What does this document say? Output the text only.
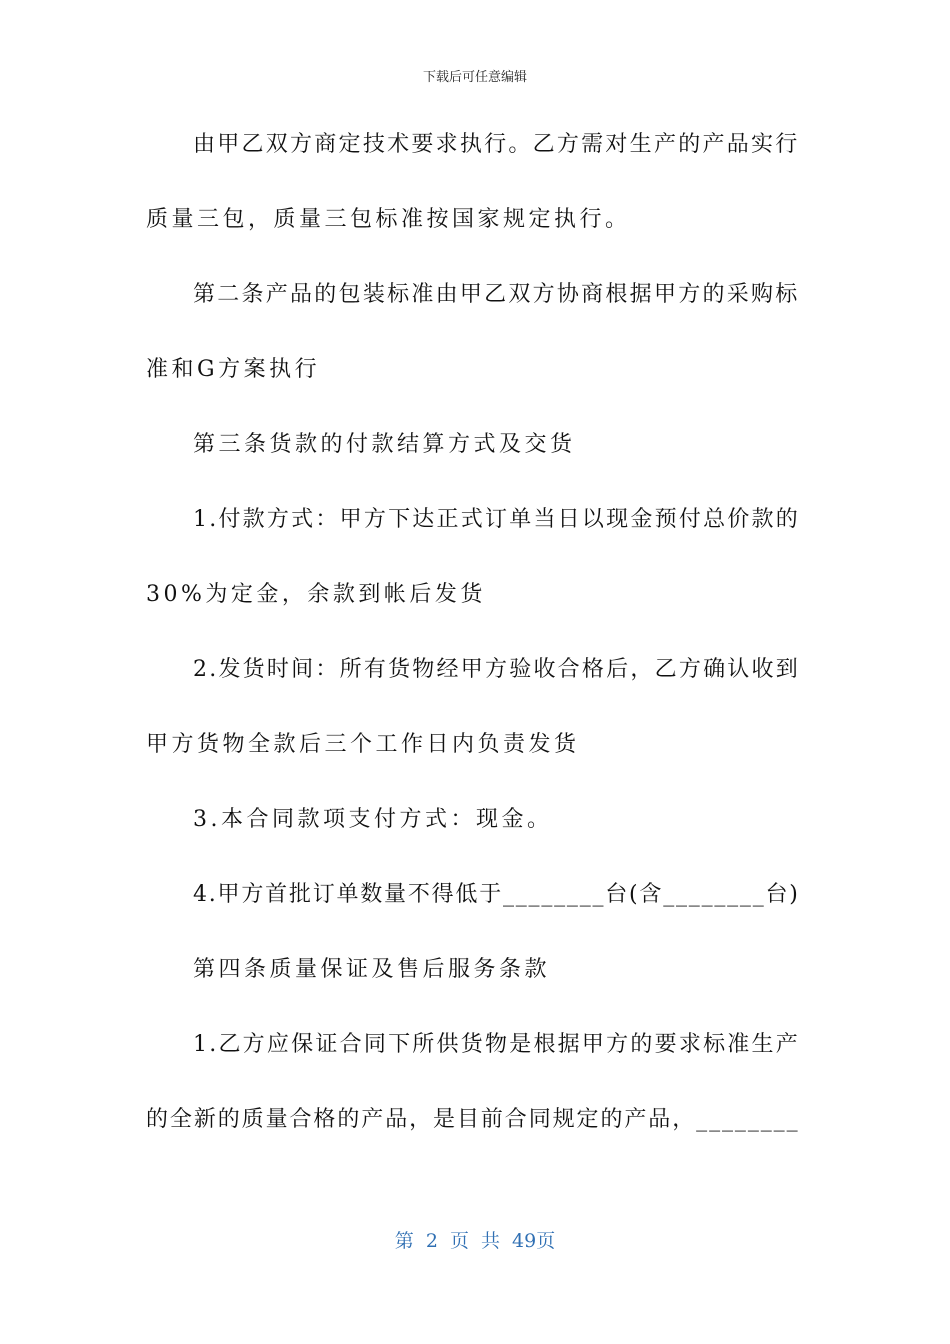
下载后可任意编辑
由甲乙双方商定技术要求执行。乙方需对生产的产品实行
质量三包，质量三包标准按国家规定执行。
第二条产品的包装标准由甲乙双方协商根据甲方的采购标
准和G方案执行
第三条货款的付款结算方式及交货
1.付款方式：甲方下达正式订单当日以现金预付总价款的
30%为定金，余款到帐后发货
2.发货时间：所有货物经甲方验收合格后，乙方确认收到
甲方货物全款后三个工作日内负责发货
3.本合同款项支付方式：现金。
4.甲方首批订单数量不得低于________台(含________台)
第四条质量保证及售后服务条款
1.乙方应保证合同下所供货物是根据甲方的要求标准生产
的全新的质量合格的产品，是目前合同规定的产品，________
第 2 页 共 49页
